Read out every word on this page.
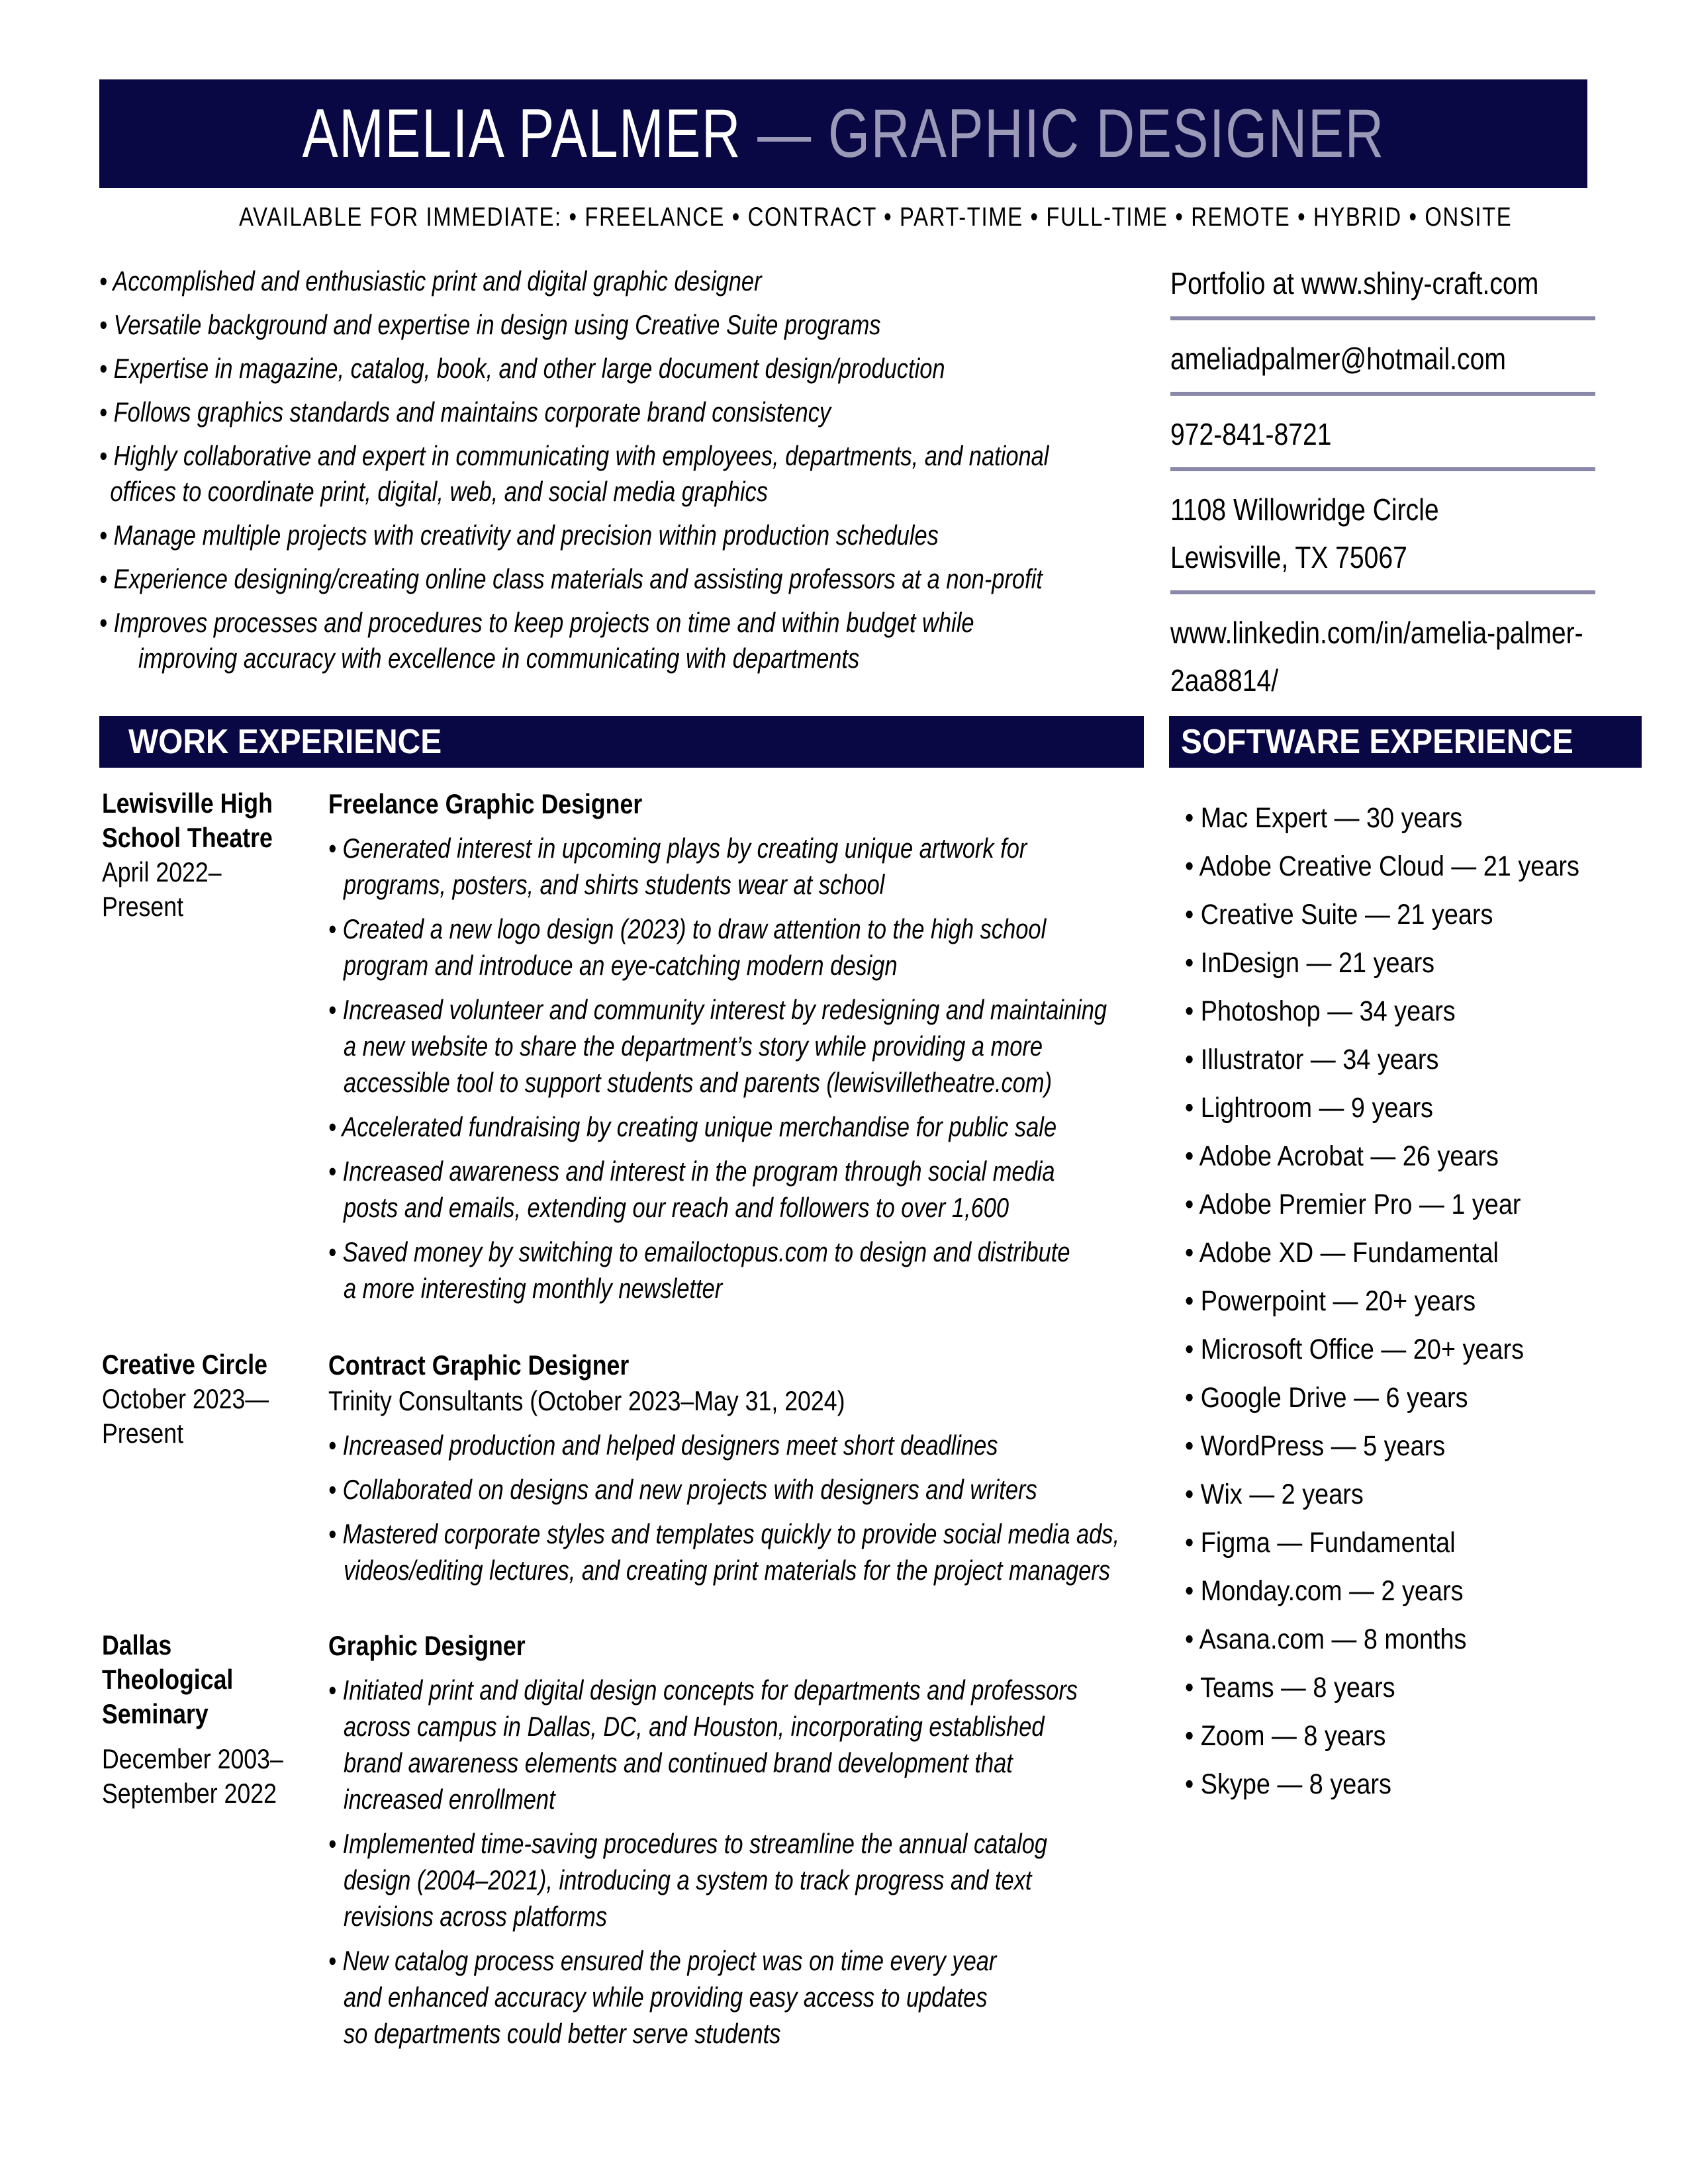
AMELIA PALMER — GRAPHIC DESIGNER
AVAILABLE FOR IMMEDIATE: • FREELANCE • CONTRACT • PART-TIME • FULL-TIME • REMOTE • HYBRID • ONSITE
• Accomplished and enthusiastic print and digital graphic designer
• Versatile background and expertise in design using Creative Suite programs
• Expertise in magazine, catalog, book, and other large document design/production
• Follows graphics standards and maintains corporate brand consistency
• Highly collaborative and expert in communicating with employees, departments, and national
offices to coordinate print, digital, web, and social media graphics
• Manage multiple projects with creativity and precision within production schedules
• Experience designing/creating online class materials and assisting professors at a non-profit
• Improves processes and procedures to keep projects on time and within budget while
improving accuracy with excellence in communicating with departments
Portfolio at www.shiny-craft.com
ameliadpalmer@hotmail.com
972-841-8721
1108 Willowridge Circle
Lewisville, TX 75067
www.linkedin.com/in/amelia-palmer-
2aa8814/
WORK EXPERIENCE	SOFTWARE EXPERIENCE
Lewisville High
School Theatre
April 2022–
Present
Freelance Graphic Designer
• Generated interest in upcoming plays by creating unique artwork for
programs, posters, and shirts students wear at school
• Created a new logo design (2023) to draw attention to the high school
program and introduce an eye-catching modern design
• Increased volunteer and community interest by redesigning and maintaining
a new website to share the department’s story while providing a more
accessible tool to support students and parents (lewisvilletheatre.com)
• Accelerated fundraising by creating unique merchandise for public sale
• Increased awareness and interest in the program through social media
posts and emails, extending our reach and followers to over 1,600
• Saved money by switching to emailoctopus.com to design and distribute
a more interesting monthly newsletter
Creative Circle
October 2023—
Present
Contract Graphic Designer
Trinity Consultants (October 2023–May 31, 2024)
• Increased production and helped designers meet short deadlines
• Collaborated on designs and new projects with designers and writers
• Mastered corporate styles and templates quickly to provide social media ads,
videos/editing lectures, and creating print materials for the project managers
Dallas
Theological
Seminary
December 2003–
September 2022
Graphic Designer
• Initiated print and digital design concepts for departments and professors
across campus in Dallas, DC, and Houston, incorporating established
brand awareness elements and continued brand development that
increased enrollment
• Implemented time-saving procedures to streamline the annual catalog
design (2004–2021), introducing a system to track progress and text
revisions across platforms
• New catalog process ensured the project was on time every year
and enhanced accuracy while providing easy access to updates
so departments could better serve students
• Mac Expert — 30 years
• Adobe Creative Cloud — 21 years
• Creative Suite — 21 years
• InDesign — 21 years
• Photoshop — 34 years
• Illustrator — 34 years
• Lightroom — 9 years
• Adobe Acrobat — 26 years
• Adobe Premier Pro — 1 year
• Adobe XD — Fundamental
• Powerpoint — 20+ years
• Microsoft Office — 20+ years
• Google Drive — 6 years
• WordPress — 5 years
• Wix — 2 years
• Figma — Fundamental
• Monday.com — 2 years
• Asana.com — 8 months
• Teams — 8 years
• Zoom — 8 years
• Skype — 8 years
